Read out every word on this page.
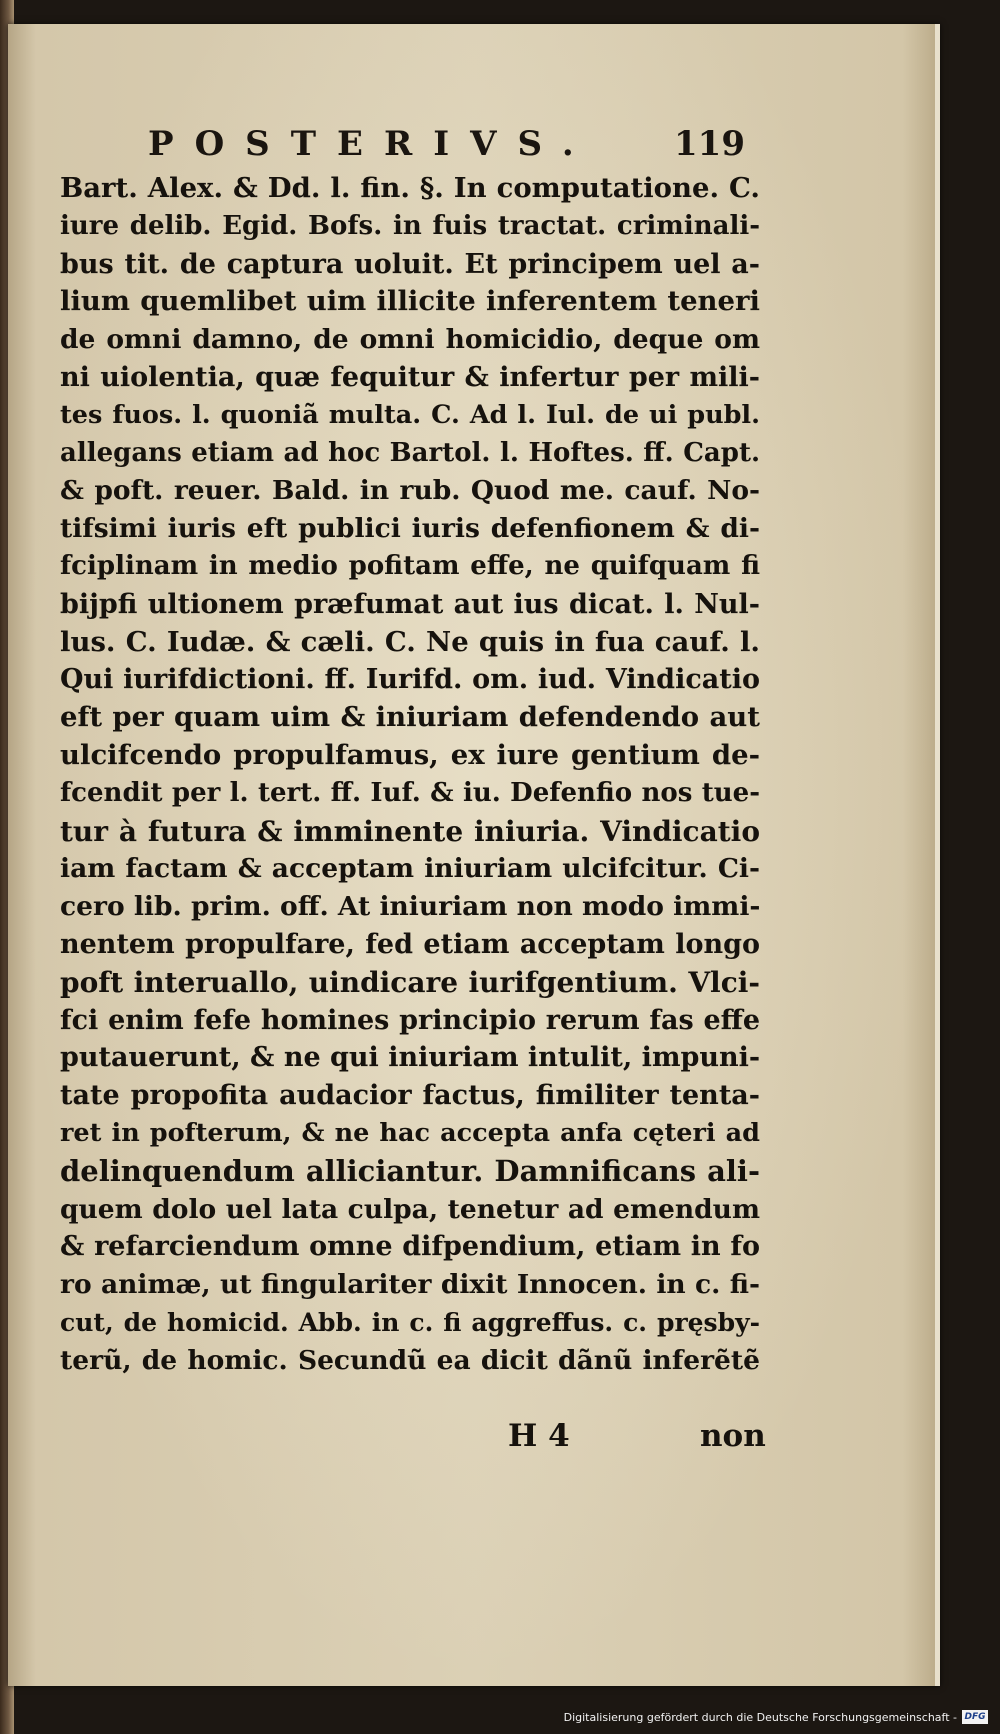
POSTERIVS. 119
Bart. Alex. & Dd. l. fin. §. In computatione. C.
iure delib. Egid. Bofs. in fuis tractat. criminali-
bus tit. de captura uoluit. Et principem uel a-
lium quemlibet uim illicite inferentem teneri
de omni damno, de omni homicidio, deque om
ni uiolentia, quæ fequitur & infertur per mili-
tes fuos. l. quoniã multa. C. Ad l. Iul. de ui publ.
allegans etiam ad hoc Bartol. l. Hoftes. ff. Capt.
& poft. reuer. Bald. in rub. Quod me. cauf. No-
tifsimi iuris eft publici iuris defenfionem & di-
fciplinam in medio pofitam effe, ne quifquam fi
bijpfi ultionem præfumat aut ius dicat. l. Nul-
lus. C. Iudæ. & cæli. C. Ne quis in fua cauf. l.
Qui iurifdictioni. ff. Iurifd. om. iud. Vindicatio
eft per quam uim & iniuriam defendendo aut
ulcifcendo propulfamus, ex iure gentium de-
fcendit per l. tert. ff. Iuf. & iu. Defenfio nos tue-
tur à futura & imminente iniuria. Vindicatio
iam factam & acceptam iniuriam ulcifcitur. Ci-
cero lib. prim. off. At iniuriam non modo immi-
nentem propulfare, fed etiam acceptam longo
poft interuallo, uindicare iurifgentium. Vlci-
fci enim fefe homines principio rerum fas effe
putauerunt, & ne qui iniuriam intulit, impuni-
tate propofita audacior factus, fimiliter tenta-
ret in pofterum, & ne hac accepta anfa cęteri ad
delinquendum alliciantur. Damnificans ali-
quem dolo uel lata culpa, tenetur ad emendum
& refarciendum omne difpendium, etiam in fo
ro animæ, ut fingulariter dixit Innocen. in c. fi-
cut, de homicid. Abb. in c. fi aggreffus. c. pręsby-
terũ, de homic. Secundũ ea dicit dãnũ inferẽtẽ
H 4	non
Digitalisierung gefördert durch die Deutsche Forschungsgemeinschaft - DFG
